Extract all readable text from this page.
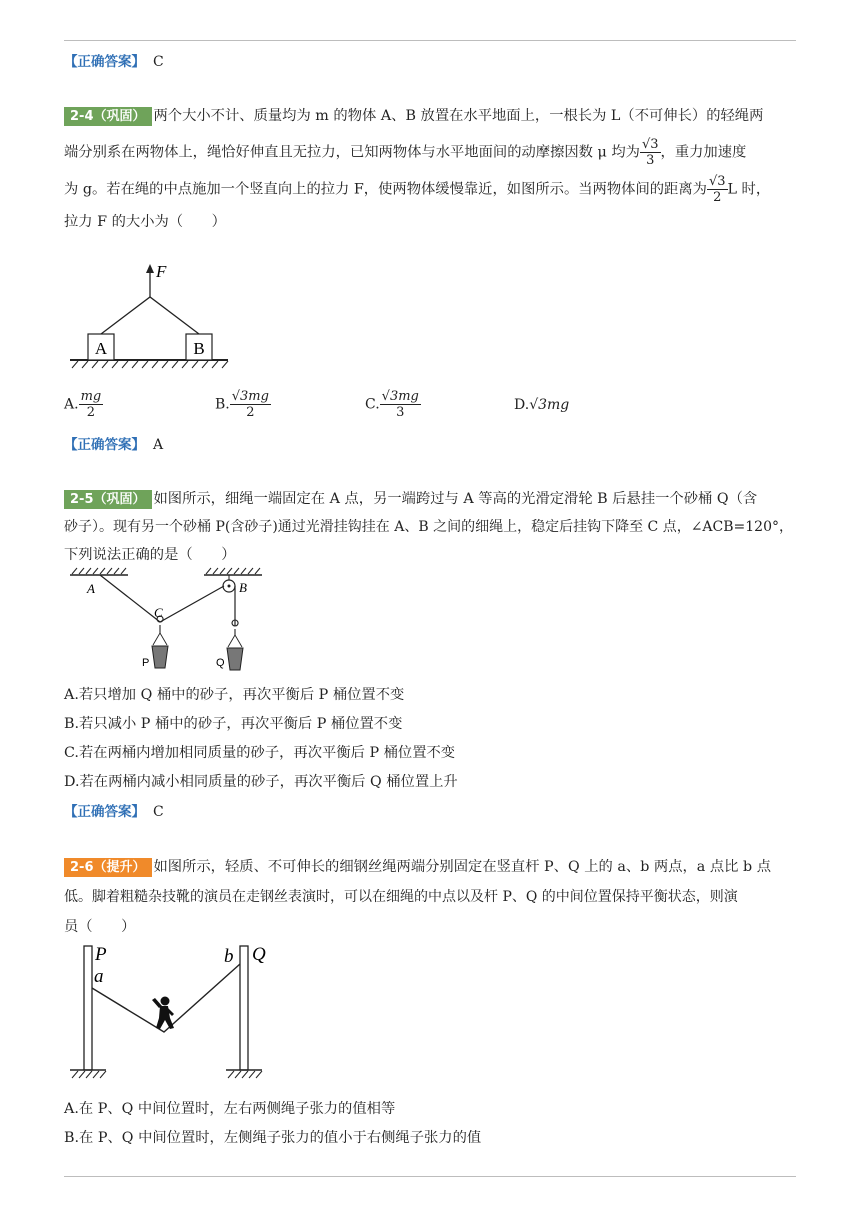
【正确答案】 C
2-4（巩固） 两个大小不计、质量均为 m 的物体 A、B 放置在水平地面上，一根长为 L（不可伸长）的轻绳两
端分别系在两物体上，绳恰好伸直且无拉力，已知两物体与水平地面间的动摩擦因数 μ 均为 $\frac{√3}{3}$ ，重力加速度
为 g。若在绳的中点施加一个竖直向上的拉力 F，使两物体缓慢靠近，如图所示。当两物体间的距离为 $\frac{√3}{2}$ L 时，
拉力 F 的大小为（　　）
A	B
F
A. $\frac{mg}{2}$	B. $\frac{√3mg}{2}$	C. $\frac{√3mg}{3}$	D.√3mg
【正确答案】 A
2-5（巩固） 如图所示，细绳一端固定在 A 点，另一端跨过与 A 等高的光滑定滑轮 B 后悬挂一个砂桶 Q（含
砂子）。现有另一个砂桶 P(含砂子)通过光滑挂钩挂在 A、B 之间的细绳上，稳定后挂钩下降至 C 点，∠ACB=120°，
下列说法正确的是（　　）
A	B
C
P	Q
A.若只增加 Q 桶中的砂子，再次平衡后 P 桶位置不变
B.若只减小 P 桶中的砂子，再次平衡后 P 桶位置不变
C.若在两桶内增加相同质量的砂子，再次平衡后 P 桶位置不变
D.若在两桶内减小相同质量的砂子，再次平衡后 Q 桶位置上升
【正确答案】 C
2-6（提升） 如图所示，轻质、不可伸长的细钢丝绳两端分别固定在竖直杆 P、Q 上的 a、b 两点，a 点比 b 点
低。脚着粗糙杂技靴的演员在走钢丝表演时，可以在细绳的中点以及杆 P、Q 的中间位置保持平衡状态，则演
员（　　）
P
a
Q
b
A.在 P、Q 中间位置时，左右两侧绳子张力的值相等
B.在 P、Q 中间位置时，左侧绳子张力的值小于右侧绳子张力的值
